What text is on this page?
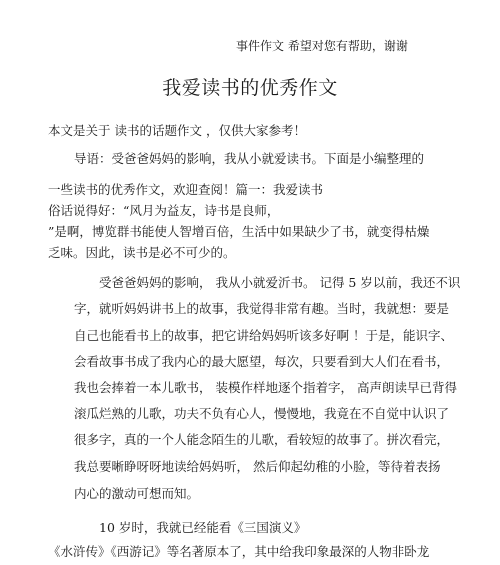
事件作文 希望对您有帮助，谢谢
我爱读书的优秀作文
本文是关于 读书的话题作文 ，仅供大家参考！
导语：受爸爸妈妈的影响，我从小就爱读书。下面是小编整理的
一些读书的优秀作文，欢迎查阅！篇一：我爱读书
俗话说得好：“风月为益友，诗书是良师，
”是啊，博览群书能使人智增百倍，生活中如果缺少了书，就变得枯燥
乏味。因此，读书是必不可少的。
受爸爸妈妈的影响， 我从小就爱沂书。 记得 5 岁以前，我还不识
字，就听妈妈讲书上的故事，我觉得非常有趣。当时，我就想：要是
自己也能看书上的故事，把它讲给妈妈听该多好啊 ！于是，能识字、
会看故事书成了我内心的最大愿望，每次，只要看到大人们在看书，
我也会捧着一本儿歌书， 装模作样地逐个指着字， 高声朗读早已背得
滚瓜烂熟的儿歌，功夫不负有心人，慢慢地，我竟在不自觉中认识了
很多字，真的一个人能念陌生的儿歌，看较短的故事了。拼次看完，
我总要晰睁呀呀地读给妈妈听， 然后仰起幼稚的小脸，等待着表扬
内心的激动可想而知。
10 岁时，我就已经能看《三国演义》
《水浒传》《西游记》等名著原本了，其中给我印象最深的人物非卧龙
